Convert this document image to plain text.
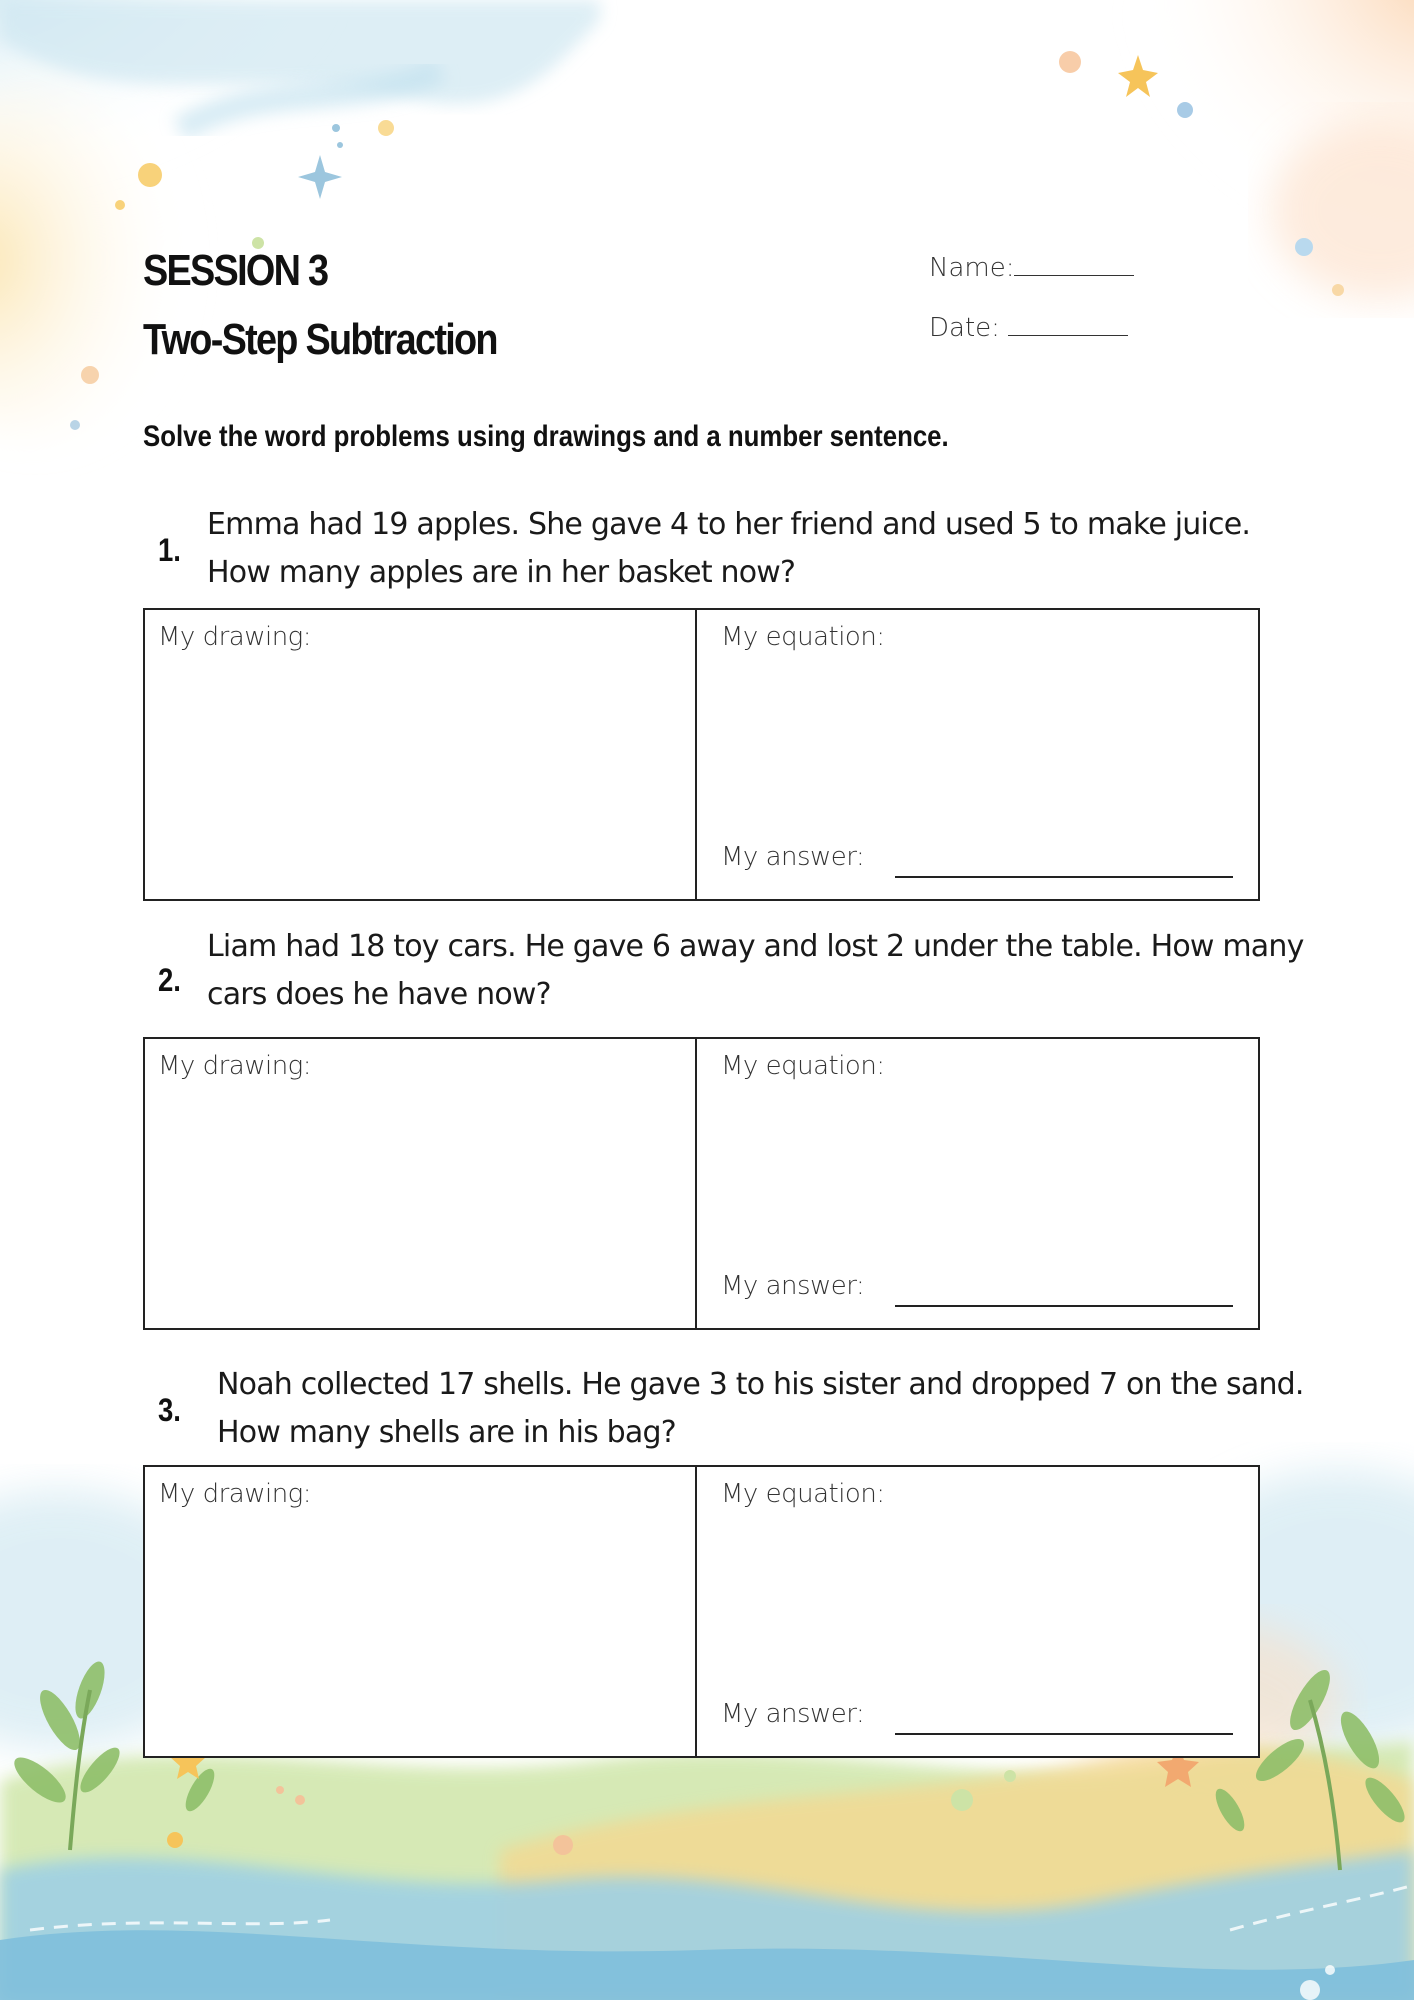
SESSION 3
Two-Step Subtraction
Name:
Date:
Solve the word problems using drawings and a number sentence.
1.
Emma had 19 apples. She gave 4 to her friend and used 5 to make juice.
How many apples are in her basket now?
My drawing:	My equation:
My answer:
2.
Liam had 18 toy cars. He gave 6 away and lost 2 under the table. How many
cars does he have now?
My drawing:	My equation:
My answer:
3.
Noah collected 17 shells. He gave 3 to his sister and dropped 7 on the sand.
How many shells are in his bag?
My drawing:	My equation:
My answer:
